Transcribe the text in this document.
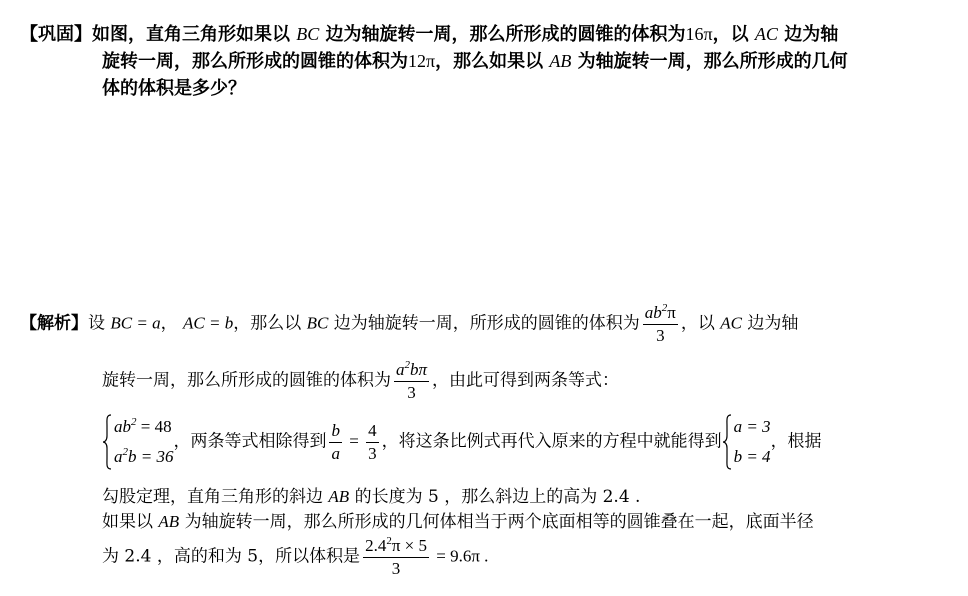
【巩固】如图，直角三角形如果以 BC 边为轴旋转一周，那么所形成的圆锥的体积为16π，以 AC 边为轴
旋转一周，那么所形成的圆锥的体积为12π，那么如果以 AB 为轴旋转一周，那么所形成的几何
体的体积是多少？
【解析】设 BC = a， AC = b，那么以 BC 边为轴旋转一周，所形成的圆锥的体积为 $\frac{ab^2\pi}{3}$ ，以 AC 边为轴
旋转一周，那么所形成的圆锥的体积为 $\frac{a^2b\pi}{3}$ ，由此可得到两条等式：
$ab^2 = 48$
$a^2b = 36$
，两条等式相除得到 $\frac{b}{a} = \frac{4}{3}$ ，将这条比例式再代入原来的方程中就能得到
a = 3
b = 4
，根据
勾股定理，直角三角形的斜边 AB 的长度为 5 ，那么斜边上的高为 2.4 .
如果以 AB 为轴旋转一周，那么所形成的几何体相当于两个底面相等的圆锥叠在一起，底面半径
为 2.4 ，高的和为 5，所以体积是 $\frac{2.4^2\pi \times 5}{3} = 9.6\pi$ .
